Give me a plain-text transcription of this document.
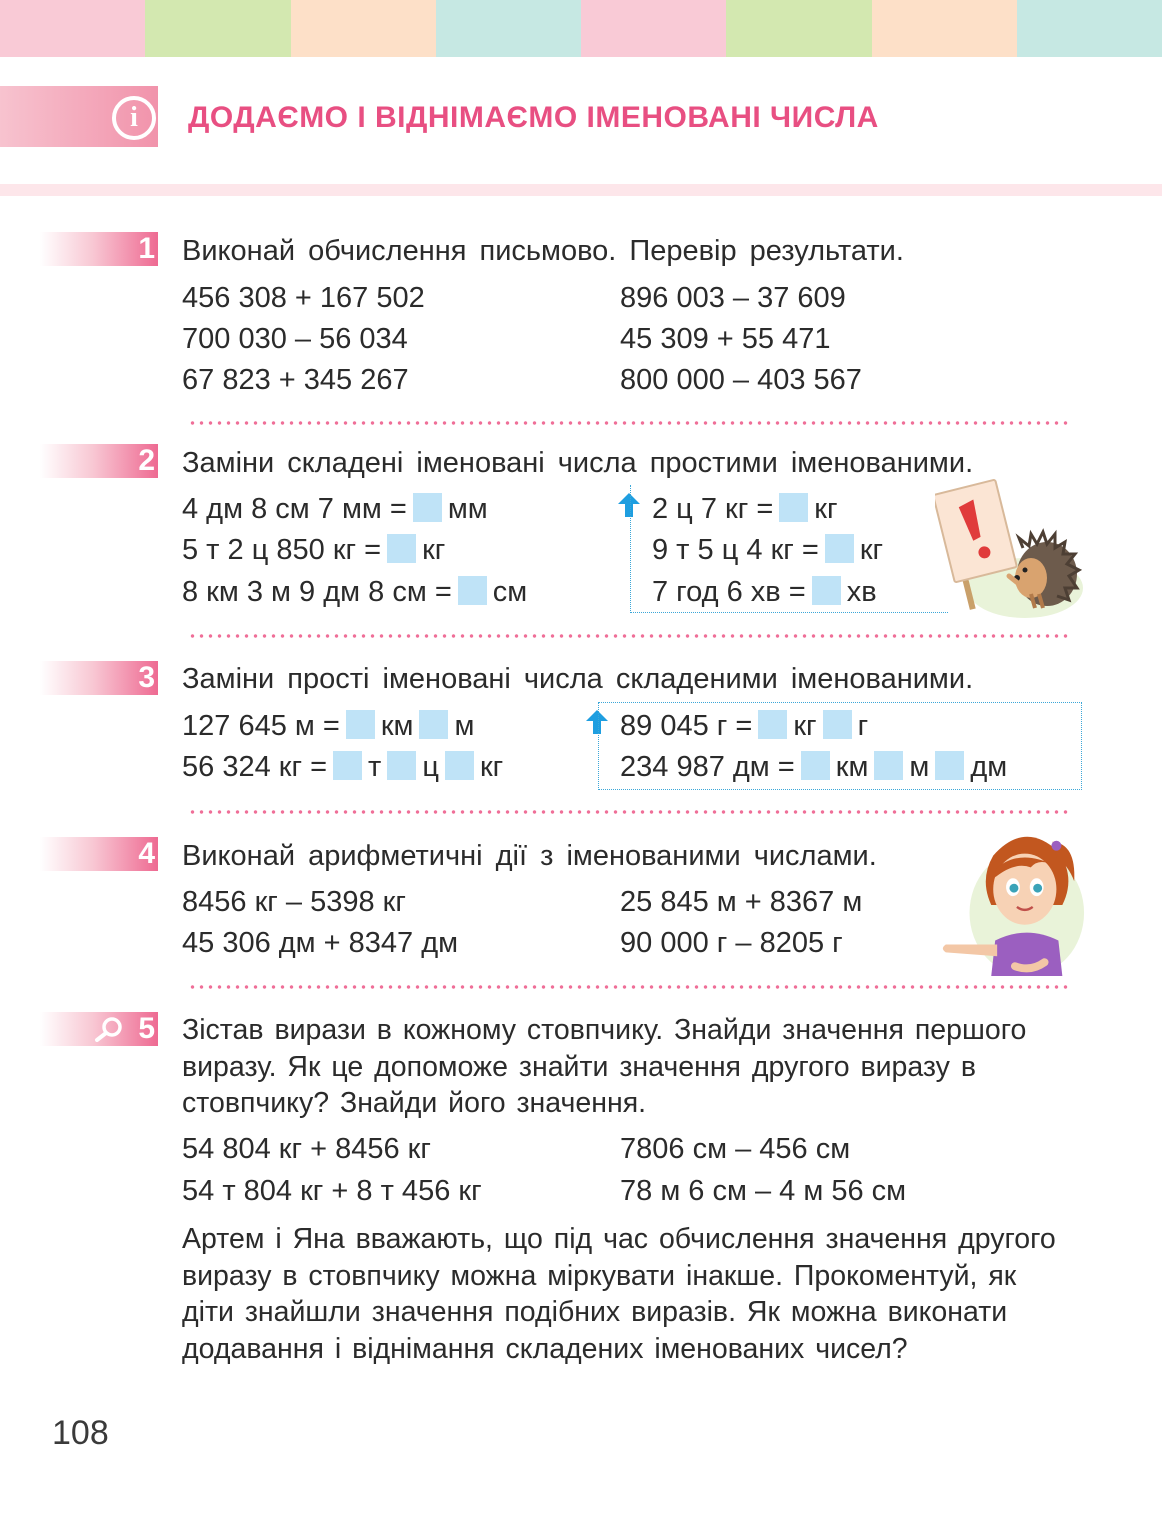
i	ДОДАЄМО І ВІДНІМАЄМО ІМЕНОВАНІ ЧИСЛА
1 Виконай обчислення письмово. Перевір результати.
456 308 + 167 502
700 030 – 56 034
67 823 + 345 267
896 003 – 37 609
45 309 + 55 471
800 000 – 403 567
2 Заміни складені іменовані числа простими іменованими.
4 дм 8 см 7 мм = мм
5 т 2 ц 850 кг = кг
8 км 3 м 9 дм 8 см = см
2 ц 7 кг = кг
9 т 5 ц 4 кг = кг
7 год 6 хв = хв
3 Заміни прості іменовані числа складеними іменованими.
127 645 м = км м
56 324 кг = т ц кг
89 045 г = кг г
234 987 дм = км м дм
4 Виконай арифметичні дії з іменованими числами.
8456 кг – 5398 кг
45 306 дм + 8347 дм
25 845 м + 8367 м
90 000 г – 8205 г
5 Зістав вирази в кожному стовпчику. Знайди значення першого виразу. Як це допоможе знайти значення другого виразу в стовпчику? Знайди його значення.
54 804 кг + 8456 кг
54 т 804 кг + 8 т 456 кг
7806 см – 456 см
78 м 6 см – 4 м 56 см
Артем і Яна вважають, що під час обчислення значення другого виразу в стовпчику можна міркувати інакше. Прокоментуй, як діти знайшли значення подібних виразів. Як можна виконати додавання і віднімання складених іменованих чисел?
108
